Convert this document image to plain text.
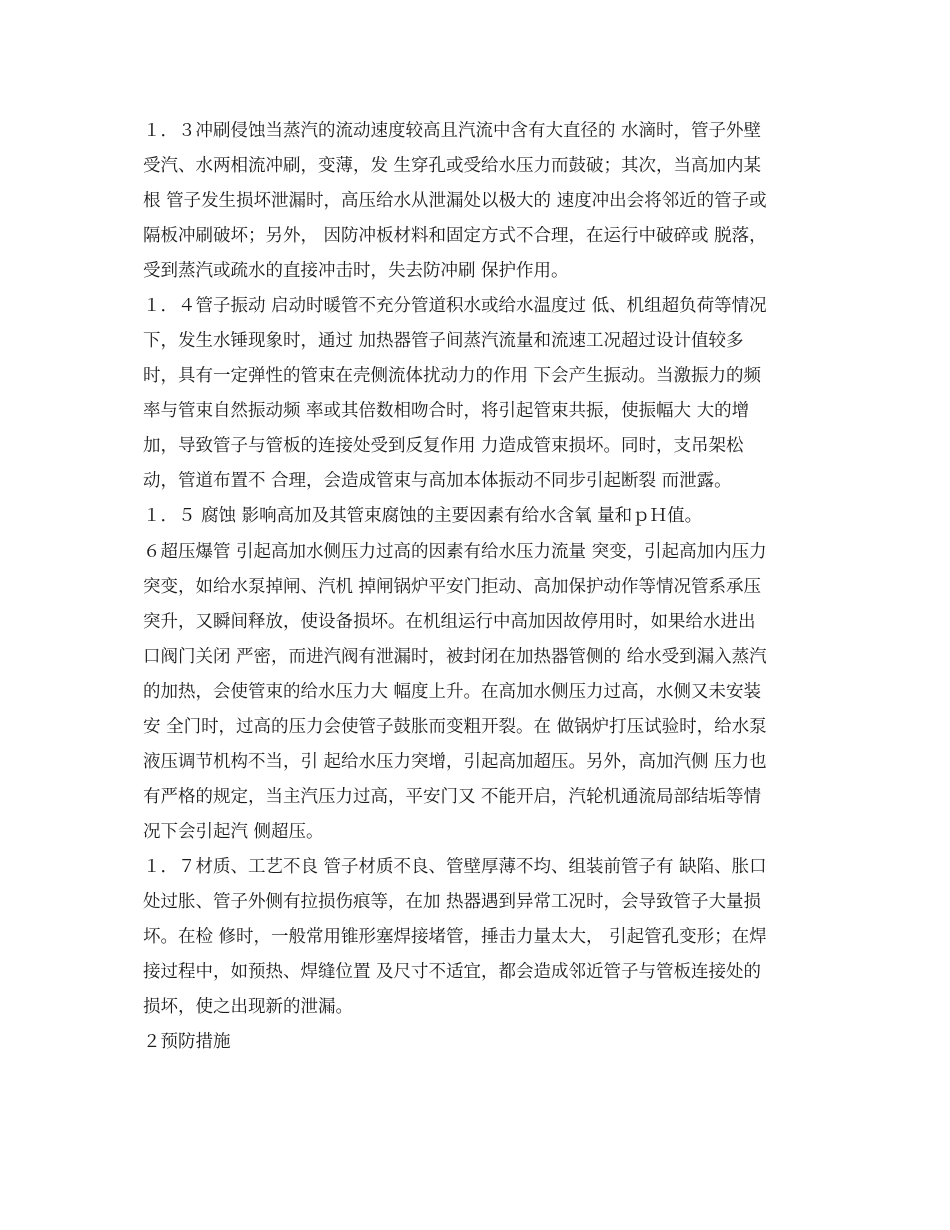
１．３冲刷侵蚀当蒸汽的流动速度较高且汽流中含有大直径的 水滴时，管子外壁
受汽、水两相流冲刷，变薄，发 生穿孔或受给水压力而鼓破；其次，当高加内某
根 管子发生损坏泄漏时，高压给水从泄漏处以极大的 速度冲出会将邻近的管子或
隔板冲刷破坏；另外， 因防冲板材料和固定方式不合理，在运行中破碎或 脱落，
受到蒸汽或疏水的直接冲击时，失去防冲刷 保护作用。
１．４管子振动 启动时暖管不充分管道积水或给水温度过 低、机组超负荷等情况
下，发生水锤现象时，通过 加热器管子间蒸汽流量和流速工况超过设计值较多
时，具有一定弹性的管束在壳侧流体扰动力的作用 下会产生振动。当激振力的频
率与管束自然振动频 率或其倍数相吻合时，将引起管束共振，使振幅大 大的增
加，导致管子与管板的连接处受到反复作用 力造成管束损坏。同时，支吊架松
动，管道布置不 合理，会造成管束与高加本体振动不同步引起断裂 而泄露。
１．５ 腐蚀 影响高加及其管束腐蚀的主要因素有给水含氧 量和ｐＨ值。
６超压爆管 引起高加水侧压力过高的因素有给水压力流量 突变，引起高加内压力
突变，如给水泵掉闸、汽机 掉闸锅炉平安门拒动、高加保护动作等情况管系承压
突升，又瞬间释放，使设备损坏。在机组运行中高加因故停用时，如果给水进出
口阀门关闭 严密，而进汽阀有泄漏时，被封闭在加热器管侧的 给水受到漏入蒸汽
的加热，会使管束的给水压力大 幅度上升。在高加水侧压力过高，水侧又未安装
安 全门时，过高的压力会使管子鼓胀而变粗开裂。在 做锅炉打压试验时，给水泵
液压调节机构不当，引 起给水压力突增，引起高加超压。另外，高加汽侧 压力也
有严格的规定，当主汽压力过高，平安门又 不能开启，汽轮机通流局部结垢等情
况下会引起汽 侧超压。
１．７材质、工艺不良 管子材质不良、管壁厚薄不均、组装前管子有 缺陷、胀口
处过胀、管子外侧有拉损伤痕等，在加 热器遇到异常工况时，会导致管子大量损
坏。在检 修时，一般常用锥形塞焊接堵管，捶击力量太大， 引起管孔变形；在焊
接过程中，如预热、焊缝位置 及尺寸不适宜，都会造成邻近管子与管板连接处的
损坏，使之出现新的泄漏。
２预防措施
